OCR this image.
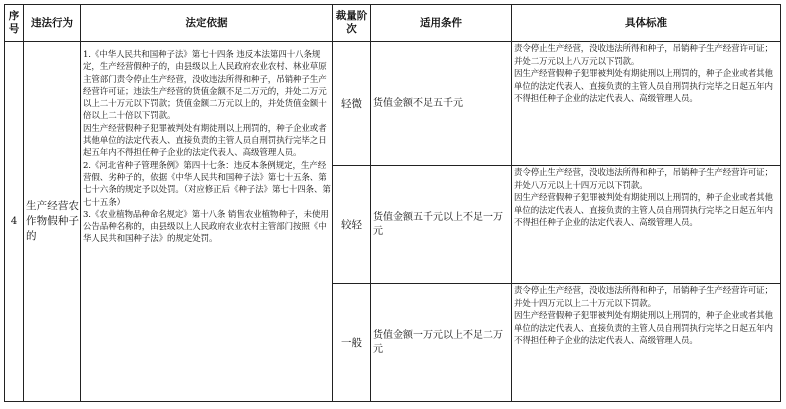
序号	违法行为	法定依据	裁量阶次	适用条件	具体标准
4	生产经营农作物假种子的	1.《中华人民共和国种子法》第七十四条 违反本法第四十八条规定，生产经营假种子的，由县级以上人民政府农业农村、林业草原主管部门责令停止生产经营，没收违法所得和种子，吊销种子生产经营许可证；违法生产经营的货值金额不足二万元的，并处二万元以上二十万元以下罚款；货值金额二万元以上的，并处货值金额十倍以上二十倍以下罚款。
因生产经营假种子犯罪被判处有期徒刑以上刑罚的，种子企业或者其他单位的法定代表人、直接负责的主管人员自刑罚执行完毕之日起五年内不得担任种子企业的法定代表人、高级管理人员。
2.《河北省种子管理条例》第四十七条：违反本条例规定，生产经营假、劣种子的，依据《中华人民共和国种子法》第七十五条、第七十六条的规定予以处罚。（对应修正后《种子法》第七十四条、第七十五条）
3.《农业植物品种命名规定》第十八条 销售农业植物种子，未使用公告品种名称的，由县级以上人民政府农业农村主管部门按照《中华人民共和国种子法》的规定处罚。	轻微	货值金额不足五千元	责令停止生产经营，没收违法所得和种子，吊销种子生产经营许可证；并处二万元以上八万元以下罚款。
因生产经营假种子犯罪被判处有期徒刑以上刑罚的，种子企业或者其他单位的法定代表人、直接负责的主管人员自刑罚执行完毕之日起五年内不得担任种子企业的法定代表人、高级管理人员。

			较轻	货值金额五千元以上不足一万元	责令停止生产经营，没收违法所得和种子，吊销种子生产经营许可证；并处八万元以上十四万元以下罚款。
因生产经营假种子犯罪被判处有期徒刑以上刑罚的，种子企业或者其他单位的法定代表人、直接负责的主管人员自刑罚执行完毕之日起五年内不得担任种子企业的法定代表人、高级管理人员。

			一般	货值金额一万元以上不足二万元	责令停止生产经营，没收违法所得和种子，吊销种子生产经营许可证；并处十四万元以上二十万元以下罚款。
因生产经营假种子犯罪被判处有期徒刑以上刑罚的，种子企业或者其他单位的法定代表人、直接负责的主管人员自刑罚执行完毕之日起五年内不得担任种子企业的法定代表人、高级管理人员。
